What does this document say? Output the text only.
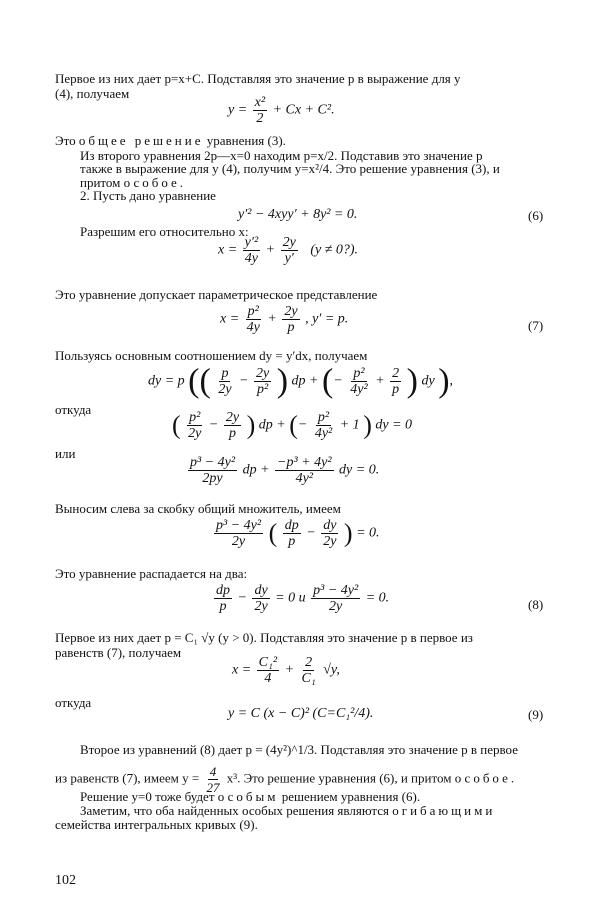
Первое из них дает p=x+C. Подставляя это значение p в выражение для y
(4), получаем
$y = \frac{\text{x²}}{2} + Cx + C^2$.
Это общее решение уравнения (3).
Из второго уравнения 2p—x=0 находим p=x/2. Подставив это значение p
также в выражение для y (4), получим y=x²/4. Это решение уравнения (3), и
притом особое.
2. Пусть дано уравнение
y′² − 4xyy′ + 8y² = 0.	(6)
Разрешим его относительно x:
$x = \frac{\text{y′²}}{4y} + \frac{2y}{y'} (y$ ≠ 0?).
Это уравнение допускает параметрическое представление
$x = \frac{\text{p²}}{4y} + \frac{2y}{p}$ , y′ = p.	(7)
Пользуясь основным соотношением dy = y′dx, получаем
dy = p (( $\frac{p}{2y} - \frac{2y}{\text{p²}}$ ) dp + (− $\frac{\text{p²}}{\text{4y²}} + \frac{2}{p}$ ) dy ),
откуда
( $\frac{\text{p²}}{2y} - \frac{2y}{p}$ ) dp + (− $\frac{\text{p²}}{\text{4y²}} + 1$ ) dy = 0
или
$\frac{\text{p³ − 4y²}}{2py}$ dp + $\frac{\text{−p³ + 4y²}}{\text{4y²}}$ dy = 0.
Выносим слева за скобку общий множитель, имеем
$\frac{\text{p³ − 4y²}}{2y}$ ( $\frac{dp}{p} - \frac{dy}{2y}$ ) = 0.
Это уравнение распадается на два:
$\frac{dp}{p} - \frac{dy}{2y} = 0$ и $\frac{\text{p³ − 4y²}}{2y} = 0$.	(8)
Первое из них дает p = C₁ √y (y > 0). Подставляя это значение p в первое из
равенств (7), получаем
$x = \frac{\text{C₁²}}{4} + \frac{2}{\text{C₁}} √y$,
откуда
y = C (x − C)² (C=C₁²/4).	(9)
Второе из уравнений (8) дает p = (4y²)^1/3. Подставляя это значение p в первое
из равенств (7), имеем $y = \frac{4}{27} x^3$. Это решение уравнения (6), и притом особое.
Решение y=0 тоже будет особым решением уравнения (6).
Заметим, что оба найденных особых решения являются огибающими
семейства интегральных кривых (9).
102
